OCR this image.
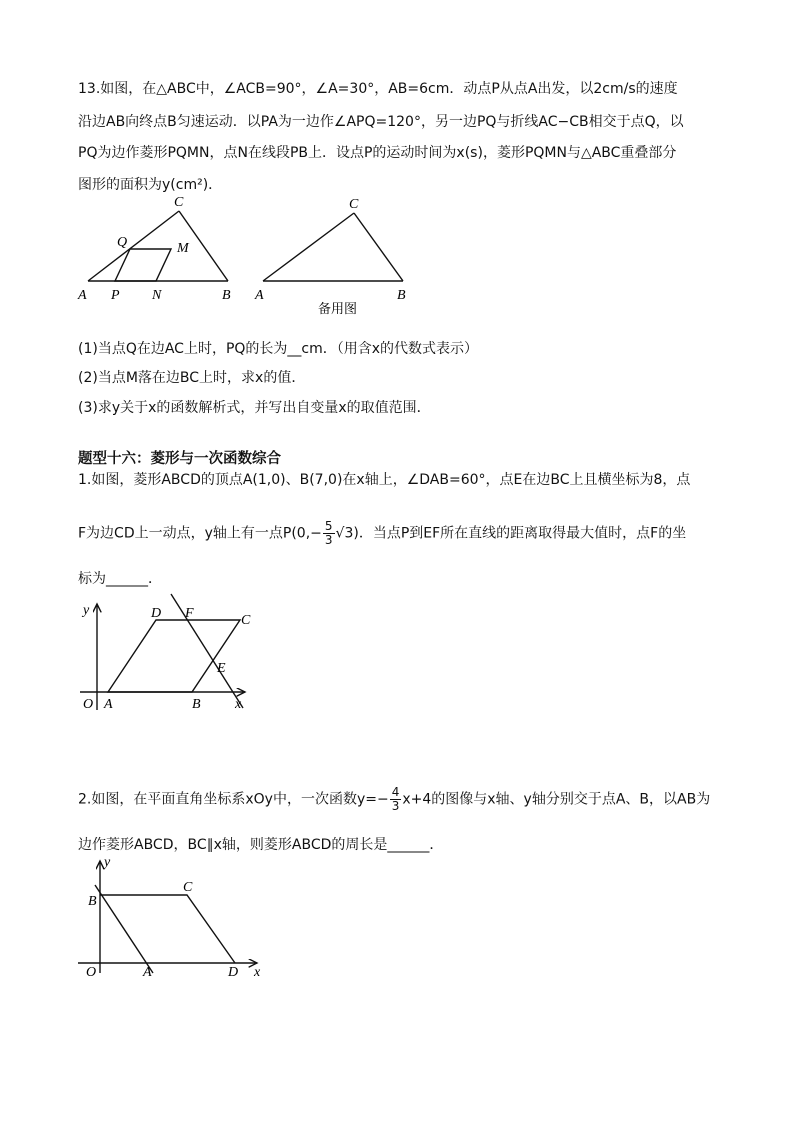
13.如图，在△ABC中，∠ACB=90°，∠A=30°，AB=6cm．动点P从点A出发，以2cm/s的速度
沿边AB向终点B匀速运动．以PA为一边作∠APQ=120°，另一边PQ与折线AC−CB相交于点Q，以
PQ为边作菱形PQMN，点N在线段PB上．设点P的运动时间为x(s)，菱形PQMN与△ABC重叠部分
图形的面积为y(cm²)．
C
Q	M
A P N	B
C
A	B
备用图
(1)当点Q在边AC上时，PQ的长为__cm．（用含x的代数式表示）
(2)当点M落在边BC上时，求x的值．
(3)求y关于x的函数解析式，并写出自变量x的取值范围．
题型十六：菱形与一次函数综合
1.如图，菱形ABCD的顶点A(1,0)、B(7,0)在x轴上，∠DAB=60°，点E在边BC上且横坐标为8，点
F为边CD上一动点，y轴上有一点$P(0,- \frac{5}{3} √3)$．当点P到EF所在直线的距离取得最大值时，点F的坐
标为______．
y	D F	C
E
O A	B x
2.如图，在平面直角坐标系xOy中，一次函数$y=- \frac{4}{3} x+4$的图像与x轴、y轴分别交于点A、B，以AB为
边作菱形ABCD，BC∥x轴，则菱形ABCD的周长是______．
y
B
C
O	A	D x
